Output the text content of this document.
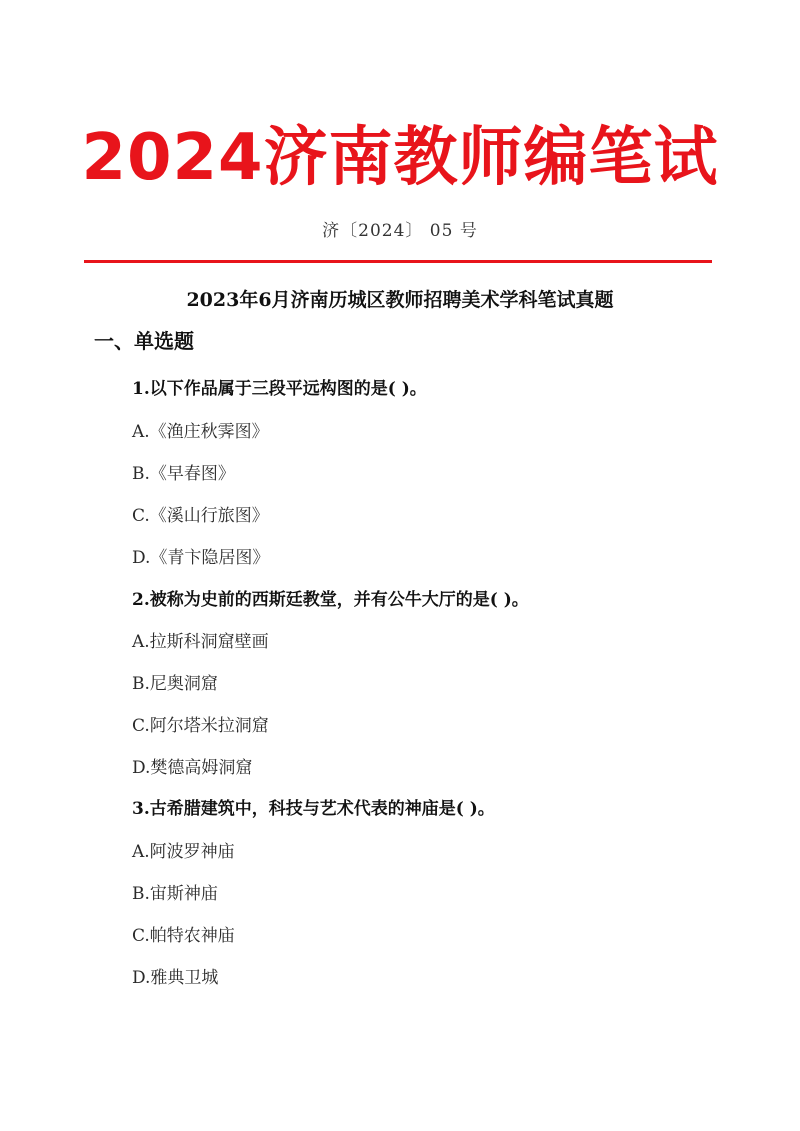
2024济南教师编笔试
济〔2024〕 05 号
2023年6月济南历城区教师招聘美术学科笔试真题
一、单选题
1.以下作品属于三段平远构图的是( )。
A.《渔庄秋霁图》
B.《早春图》
C.《溪山行旅图》
D.《青卞隐居图》
2.被称为史前的西斯廷教堂，并有公牛大厅的是( )。
A.拉斯科洞窟壁画
B.尼奥洞窟
C.阿尔塔米拉洞窟
D.樊德高姆洞窟
3.古希腊建筑中，科技与艺术代表的神庙是( )。
A.阿波罗神庙
B.宙斯神庙
C.帕特农神庙
D.雅典卫城
